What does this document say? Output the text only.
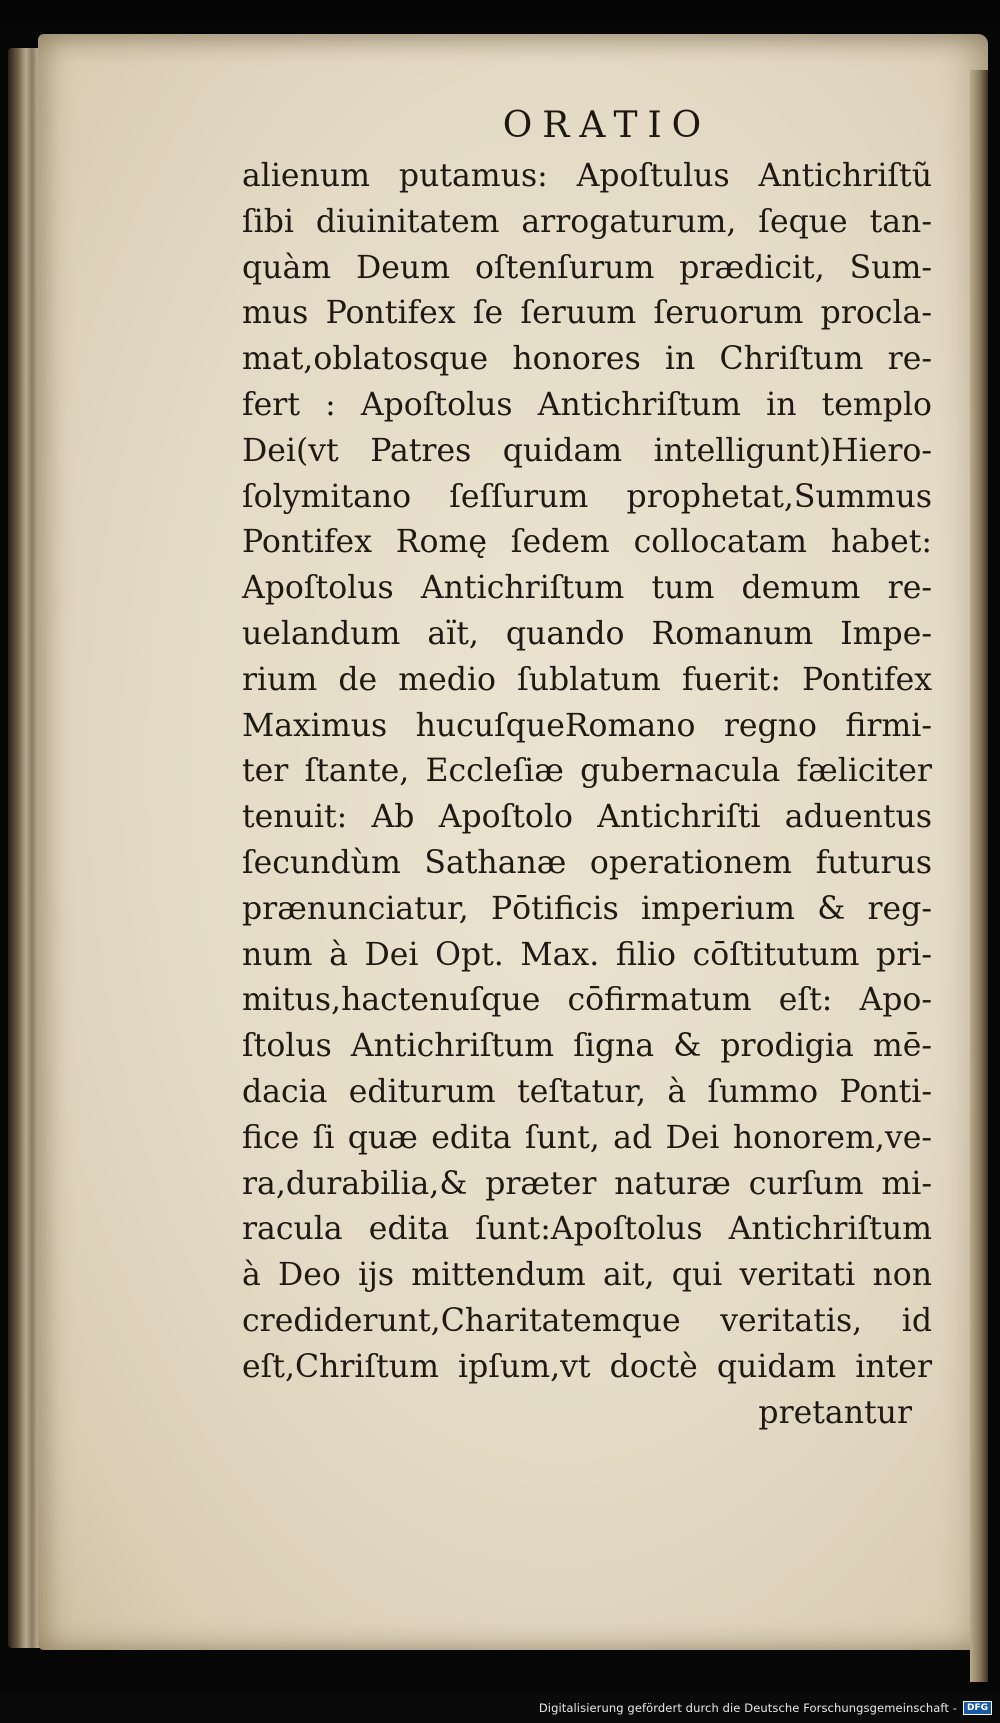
ORATIO
alienum putamus: Apoſtulus Antichriſtũ
ſibi diuinitatem arrogaturum, ſeque tan-
quàm Deum oſtenſurum prædicit, Sum-
mus Pontifex ſe ſeruum ſeruorum procla-
mat,oblatosque honores in Chriſtum re-
fert : Apoſtolus Antichriſtum in templo
Dei(vt Patres quidam intelligunt)Hiero-
ſolymitano ſeſſurum prophetat,Summus
Pontifex Romę ſedem collocatam habet:
Apoſtolus Antichriſtum tum demum re-
uelandum aït, quando Romanum Impe-
rium de medio ſublatum fuerit: Pontifex
Maximus hucuſqueRomano regno firmi-
ter ſtante, Eccleſiæ gubernacula fæliciter
tenuit: Ab Apoſtolo Antichriſti aduentus
ſecundùm Sathanæ operationem futurus
prænunciatur, Pōtificis imperium & reg-
num à Dei Opt. Max. filio cōſtitutum pri-
mitus,hactenuſque cōfirmatum eſt: Apo-
ſtolus Antichriſtum ſigna & prodigia mē-
dacia editurum teſtatur, à ſummo Ponti-
fice ſi quæ edita ſunt, ad Dei honorem,ve-
ra,durabilia,& præter naturæ curſum mi-
racula edita ſunt:Apoſtolus Antichriſtum
à Deo ijs mittendum ait, qui veritati non
crediderunt,Charitatemque veritatis, id
eſt,Chriſtum ipſum,vt doctè quidam inter
pretantur
Digitalisierung gefördert durch die Deutsche Forschungsgemeinschaft -	DFG
